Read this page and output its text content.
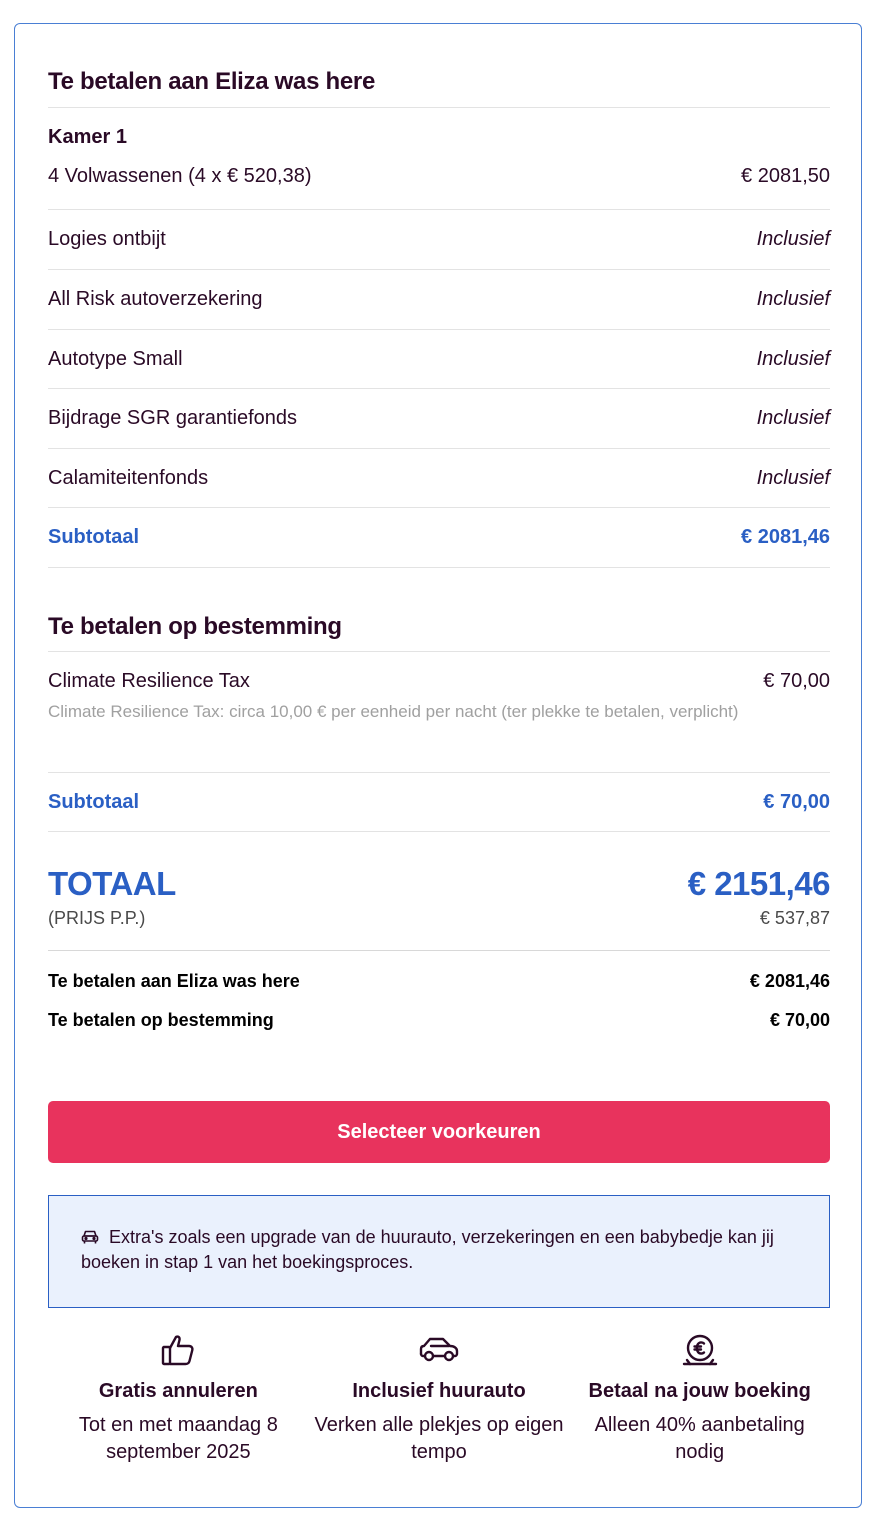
Te betalen aan Eliza was here
Kamer 1
4 Volwassenen (4 x € 520,38)	€ 2081,50
Logies ontbijt	Inclusief
All Risk autoverzekering	Inclusief
Autotype Small	Inclusief
Bijdrage SGR garantiefonds	Inclusief
Calamiteitenfonds	Inclusief
Subtotaal	€ 2081,46
Te betalen op bestemming
Climate Resilience Tax	€ 70,00
Climate Resilience Tax: circa 10,00 € per eenheid per nacht (ter plekke te betalen, verplicht)
Subtotaal	€ 70,00
TOTAAL	€ 2151,46
(PRIJS P.P.)	€ 537,87
Te betalen aan Eliza was here	€ 2081,46
Te betalen op bestemming	€ 70,00
Selecteer voorkeuren
Extra's zoals een upgrade van de huurauto, verzekeringen en een babybedje kan jij boeken in stap 1 van het boekingsproces.
Gratis annuleren
Tot en met maandag 8 september 2025
Inclusief huurauto
Verken alle plekjes op eigen tempo
Betaal na jouw boeking
Alleen 40% aanbetaling nodig
